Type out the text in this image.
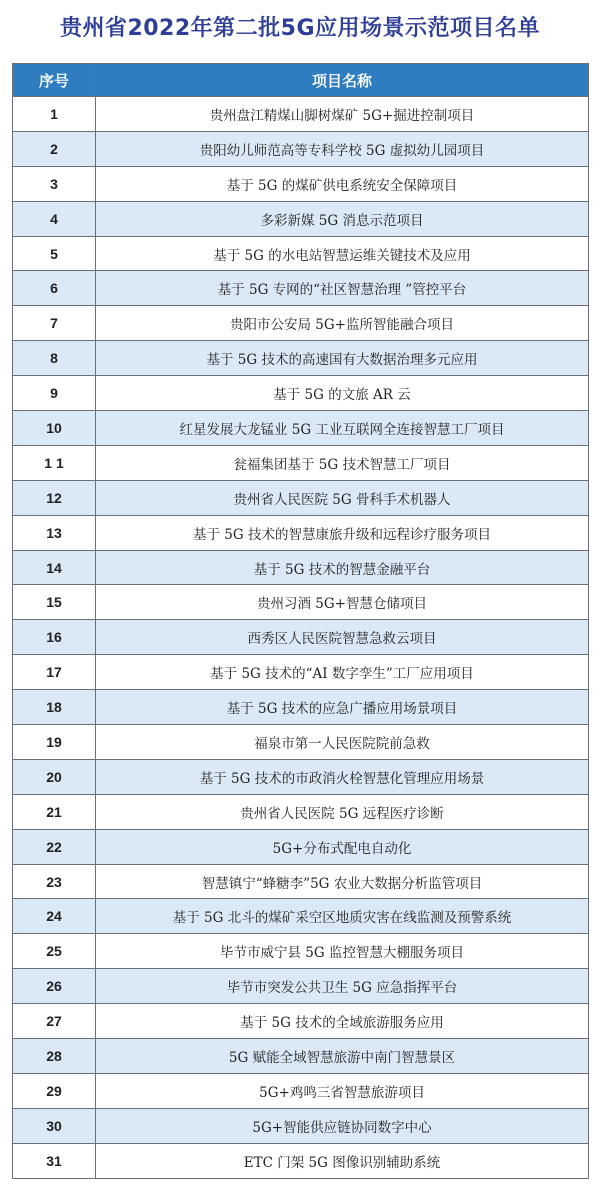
贵州省2022年第二批5G应用场景示范项目名单
序号	项目名称
1	贵州盘江精煤山脚树煤矿 5G+掘进控制项目
2	贵阳幼儿师范高等专科学校 5G 虚拟幼儿园项目
3	基于 5G 的煤矿供电系统安全保障项目
4	多彩新媒 5G 消息示范项目
5	基于 5G 的水电站智慧运维关键技术及应用
6	基于 5G 专网的“社区智慧治理 ”管控平台
7	贵阳市公安局 5G+监所智能融合项目
8	基于 5G 技术的高速国有大数据治理多元应用
9	基于 5G 的文旅 AR 云
10	红星发展大龙锰业 5G 工业互联网全连接智慧工厂项目
1 1	瓮福集团基于 5G 技术智慧工厂项目
12	贵州省人民医院 5G 骨科手术机器人
13	基于 5G 技术的智慧康旅升级和远程诊疗服务项目
14	基于 5G 技术的智慧金融平台
15	贵州习酒 5G+智慧仓储项目
16	西秀区人民医院智慧急救云项目
17	基于 5G 技术的“AI 数字孪生”工厂应用项目
18	基于 5G 技术的应急广播应用场景项目
19	福泉市第一人民医院院前急救
20	基于 5G 技术的市政消火栓智慧化管理应用场景
21	贵州省人民医院 5G 远程医疗诊断
22	5G+分布式配电自动化
23	智慧镇宁“蜂糖李”5G 农业大数据分析监管项目
24	基于 5G 北斗的煤矿采空区地质灾害在线监测及预警系统
25	毕节市威宁县 5G 监控智慧大棚服务项目
26	毕节市突发公共卫生 5G 应急指挥平台
27	基于 5G 技术的全域旅游服务应用
28	5G 赋能全域智慧旅游中南门智慧景区
29	5G+鸡鸣三省智慧旅游项目
30	5G+智能供应链协同数字中心
31	ETC 门架 5G 图像识别辅助系统
